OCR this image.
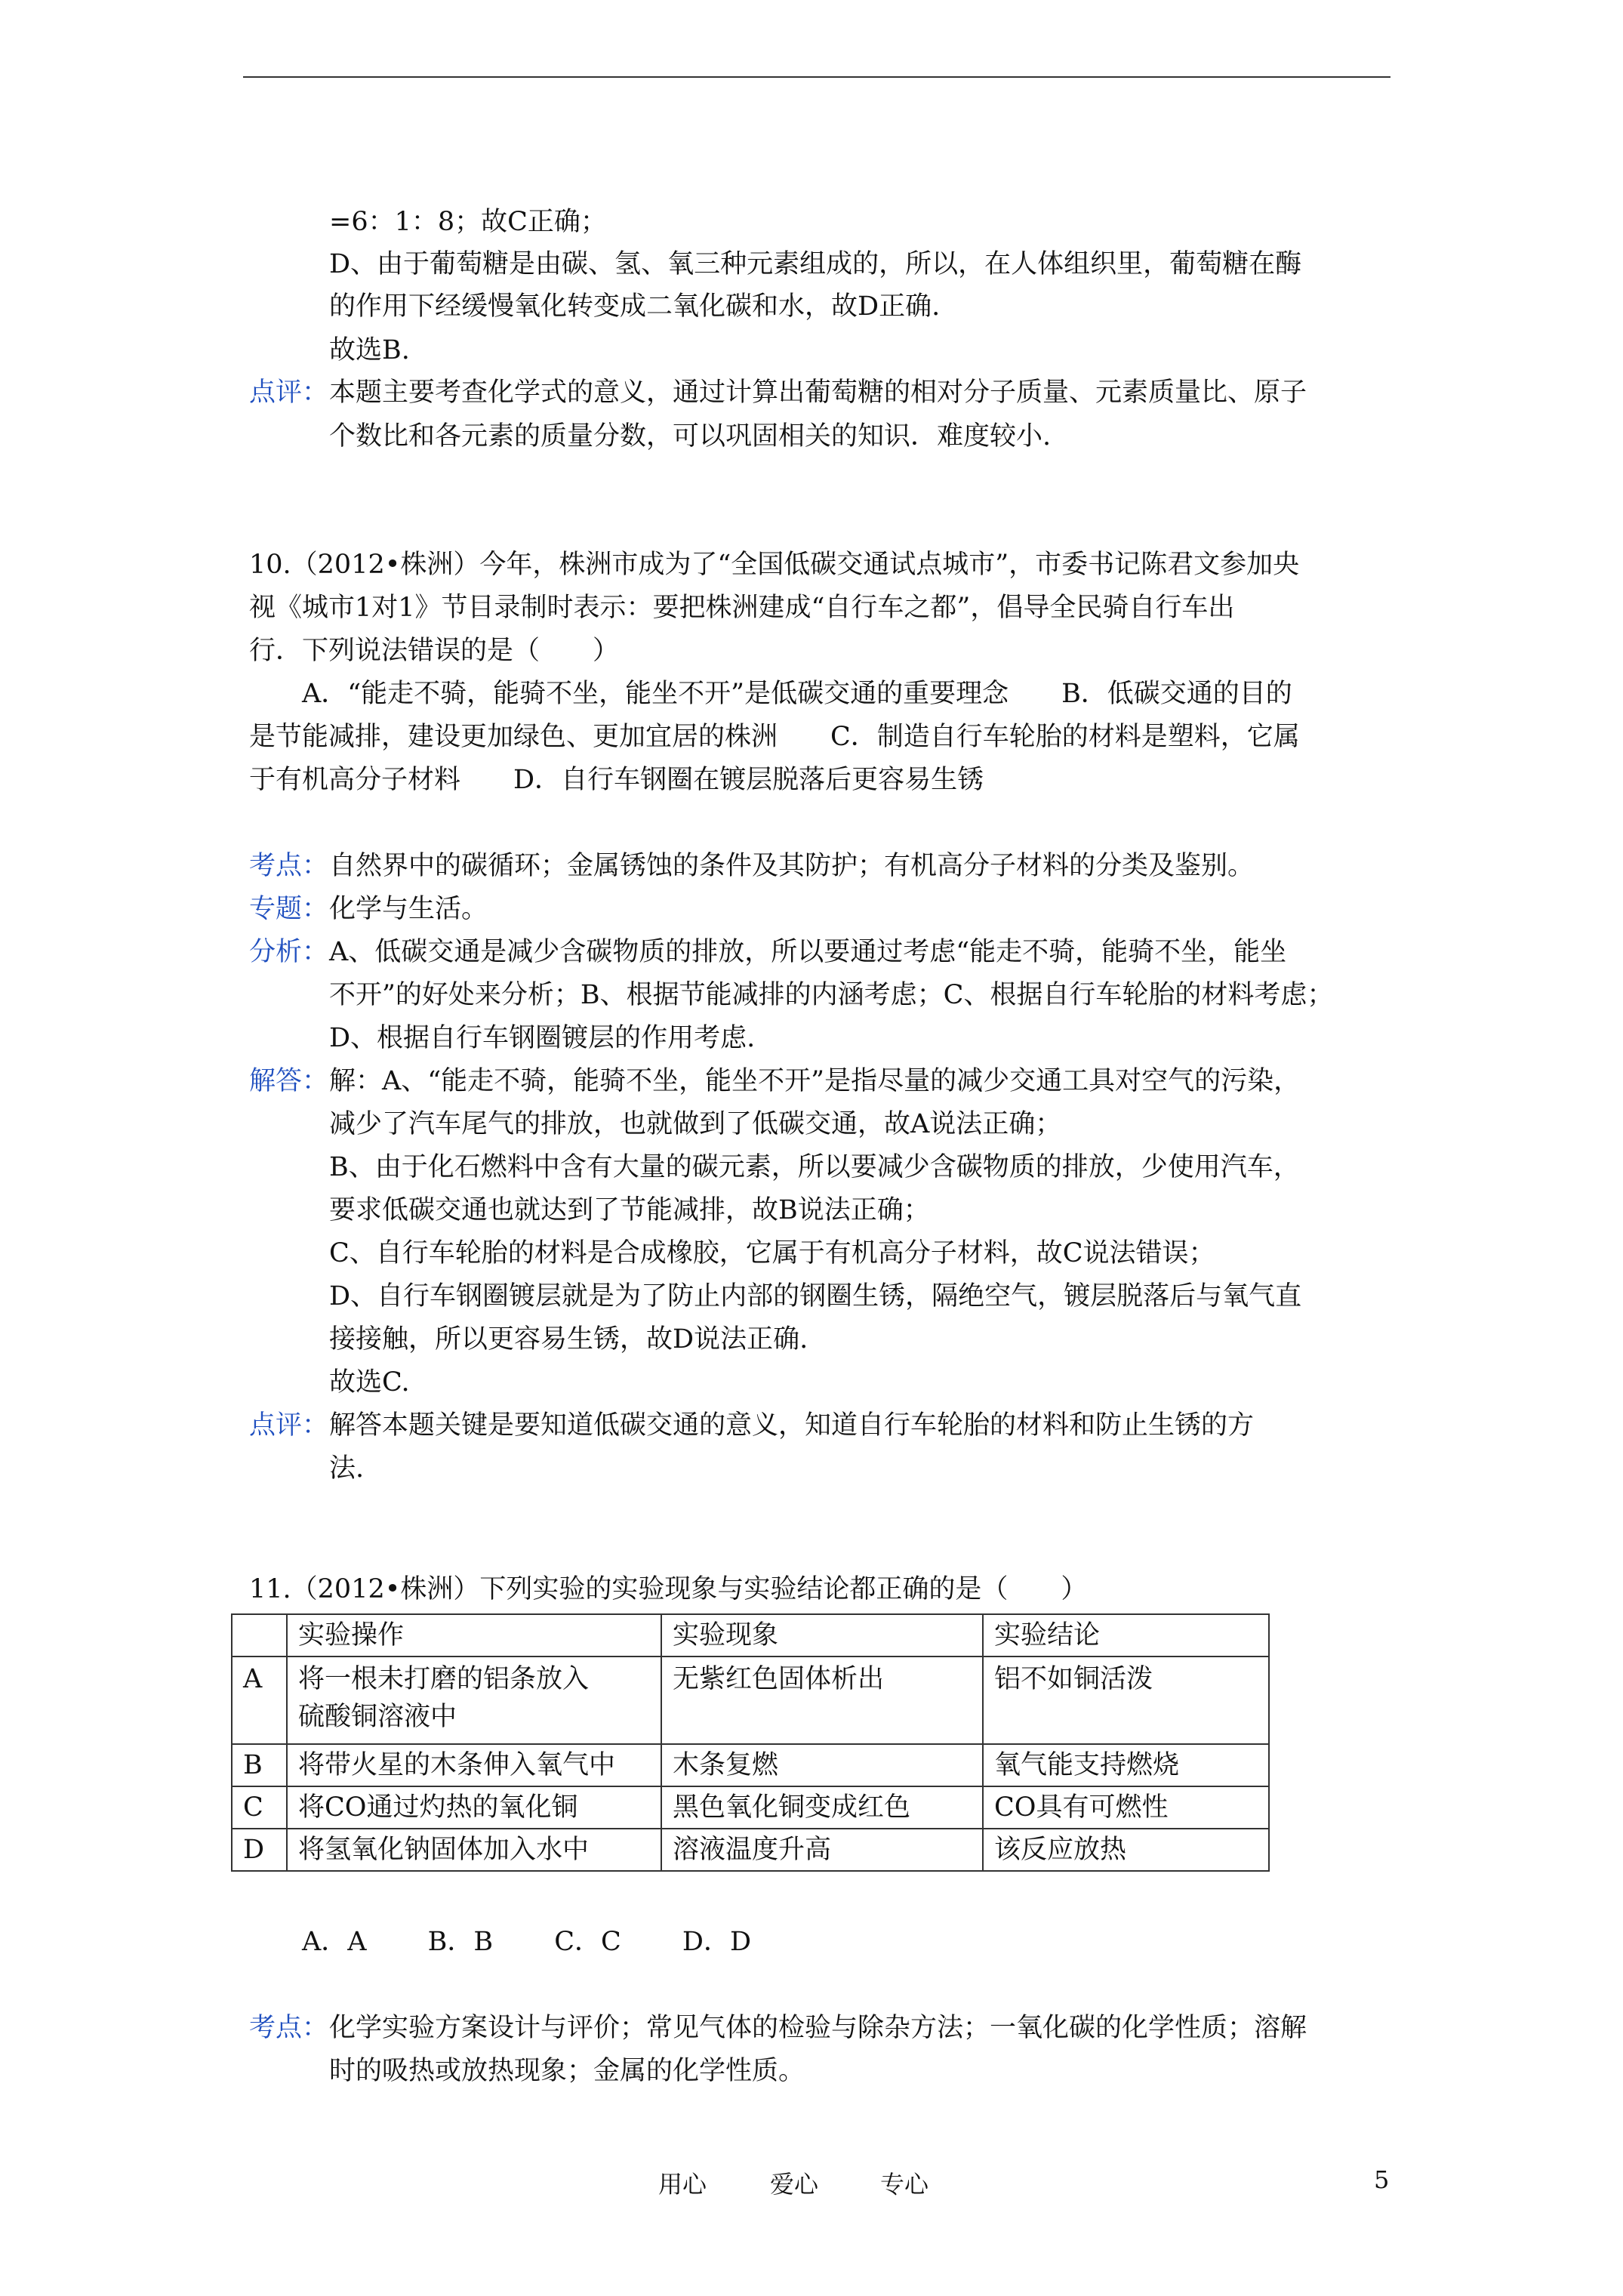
=6：1：8；故C正确；
D、由于葡萄糖是由碳、氢、氧三种元素组成的，所以，在人体组织里，葡萄糖在酶
的作用下经缓慢氧化转变成二氧化碳和水，故D正确.
故选B.
点评： 本题主要考查化学式的意义，通过计算出葡萄糖的相对分子质量、元素质量比、原子
个数比和各元素的质量分数，可以巩固相关的知识．难度较小.
10.（2012•株洲）今年，株洲市成为了“全国低碳交通试点城市”，市委书记陈君文参加央
视《城市1对1》节目录制时表示：要把株洲建成“自行车之都”，倡导全民骑自行车出
行．下列说法错误的是（　　）
A．“能走不骑，能骑不坐，能坐不开”是低碳交通的重要理念　　B．低碳交通的目的
是节能减排，建设更加绿色、更加宜居的株洲　　C．制造自行车轮胎的材料是塑料，它属
于有机高分子材料　　D．自行车钢圈在镀层脱落后更容易生锈
考点： 自然界中的碳循环；金属锈蚀的条件及其防护；有机高分子材料的分类及鉴别。
专题： 化学与生活。
分析： A、低碳交通是减少含碳物质的排放，所以要通过考虑“能走不骑，能骑不坐，能坐
不开”的好处来分析；B、根据节能减排的内涵考虑；C、根据自行车轮胎的材料考虑；
D、根据自行车钢圈镀层的作用考虑.
解答： 解：A、“能走不骑，能骑不坐，能坐不开”是指尽量的减少交通工具对空气的污染，
减少了汽车尾气的排放，也就做到了低碳交通，故A说法正确；
B、由于化石燃料中含有大量的碳元素，所以要减少含碳物质的排放，少使用汽车，
要求低碳交通也就达到了节能减排，故B说法正确；
C、自行车轮胎的材料是合成橡胶，它属于有机高分子材料，故C说法错误；
D、自行车钢圈镀层就是为了防止内部的钢圈生锈，隔绝空气，镀层脱落后与氧气直
接接触，所以更容易生锈，故D说法正确.
故选C.
点评： 解答本题关键是要知道低碳交通的意义，知道自行车轮胎的材料和防止生锈的方
法.
11.（2012•株洲）下列实验的实验现象与实验结论都正确的是（　　）
	实验操作	实验现象	实验结论
A	将一根未打磨的铝条放入
硫酸铜溶液中	无紫红色固体析出	铝不如铜活泼
B	将带火星的木条伸入氧气中	木条复燃	氧气能支持燃烧
C	将CO通过灼热的氧化铜	黑色氧化铜变成红色	CO具有可燃性
D	将氢氧化钠固体加入水中	溶液温度升高	该反应放热
A．A　　 B．B　　 C．C　　 D．D
考点： 化学实验方案设计与评价；常见气体的检验与除杂方法；一氧化碳的化学性质；溶解
时的吸热或放热现象；金属的化学性质。
用心	爱心	专心	5
